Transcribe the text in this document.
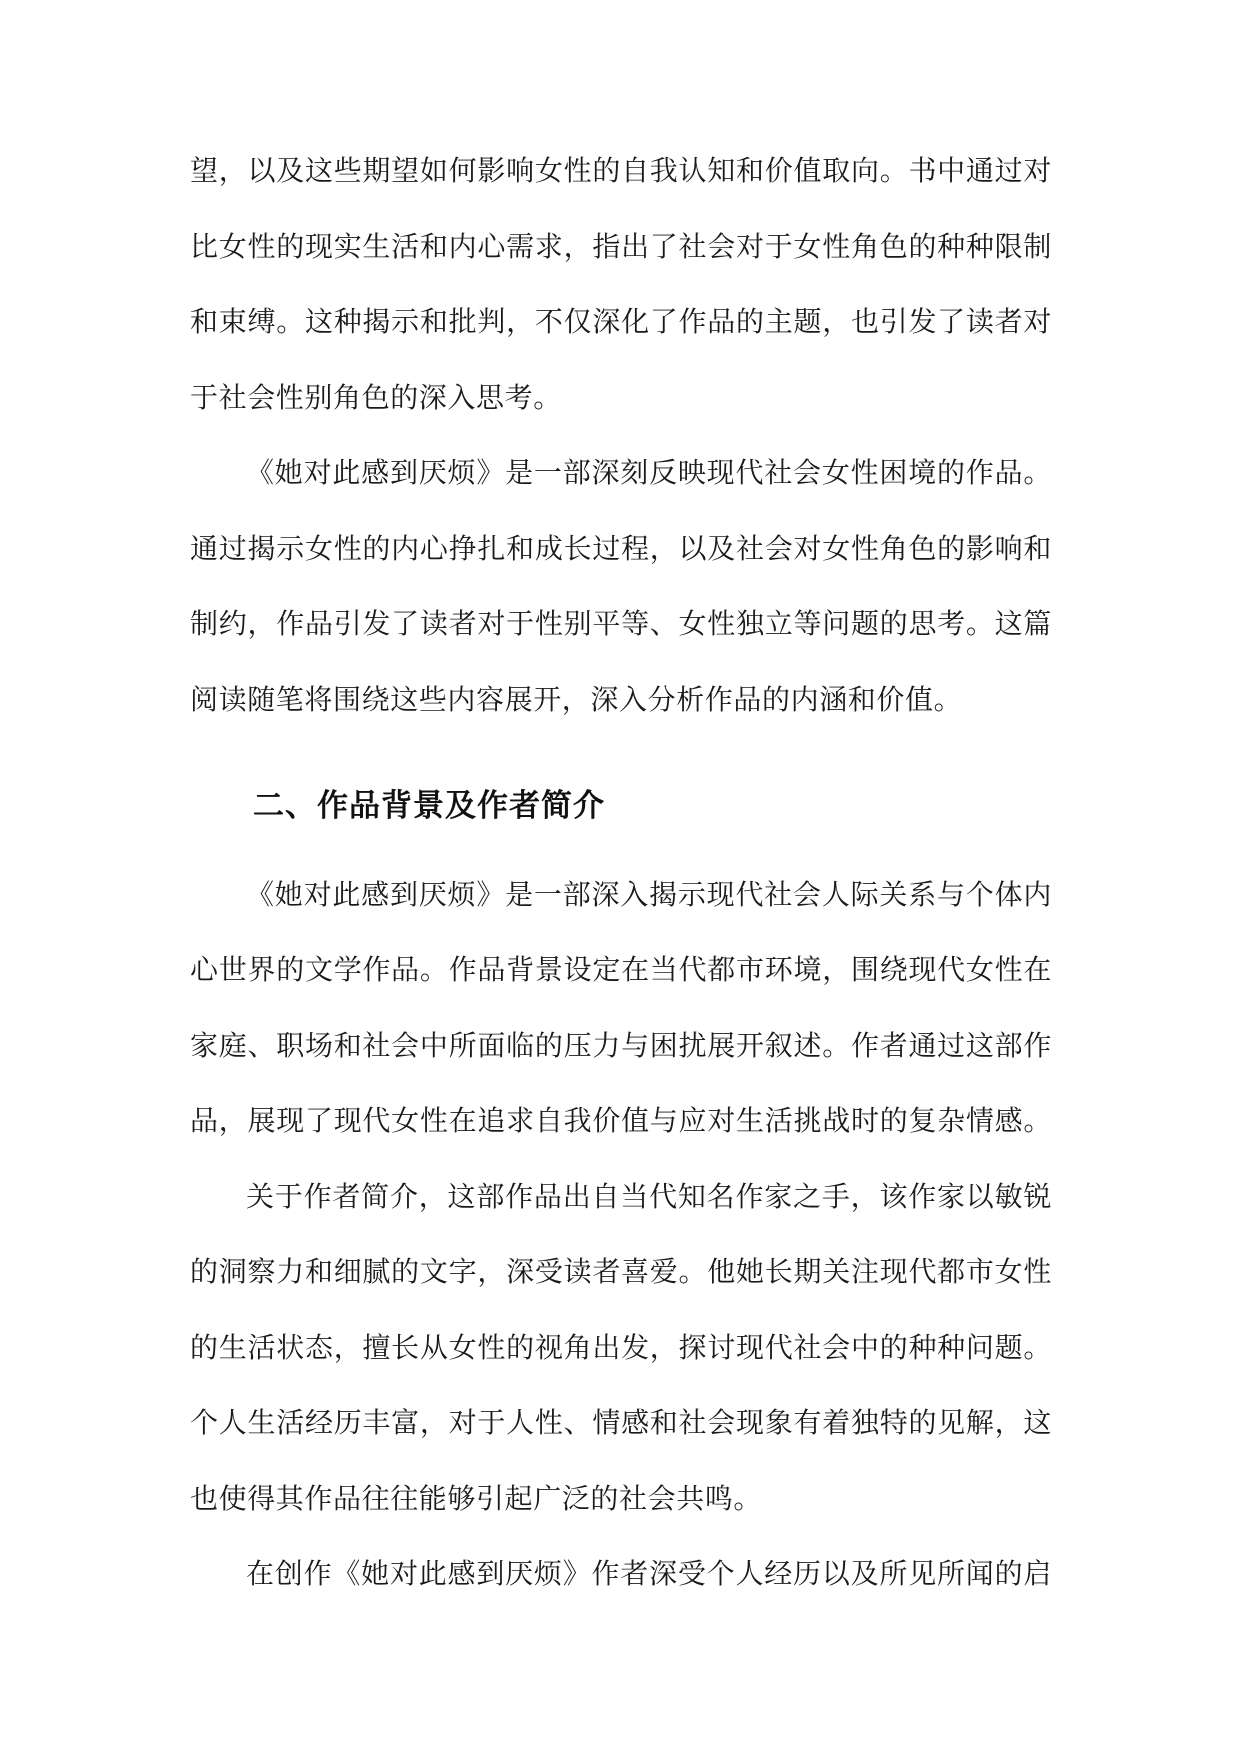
望，以及这些期望如何影响女性的自我认知和价值取向。书中通过对
比女性的现实生活和内心需求，指出了社会对于女性角色的种种限制
和束缚。这种揭示和批判，不仅深化了作品的主题，也引发了读者对
于社会性别角色的深入思考。
《她对此感到厌烦》是一部深刻反映现代社会女性困境的作品。
通过揭示女性的内心挣扎和成长过程，以及社会对女性角色的影响和
制约，作品引发了读者对于性别平等、女性独立等问题的思考。这篇
阅读随笔将围绕这些内容展开，深入分析作品的内涵和价值。
二、作品背景及作者简介
《她对此感到厌烦》是一部深入揭示现代社会人际关系与个体内
心世界的文学作品。作品背景设定在当代都市环境，围绕现代女性在
家庭、职场和社会中所面临的压力与困扰展开叙述。作者通过这部作
品，展现了现代女性在追求自我价值与应对生活挑战时的复杂情感。
关于作者简介，这部作品出自当代知名作家之手，该作家以敏锐
的洞察力和细腻的文字，深受读者喜爱。他她长期关注现代都市女性
的生活状态，擅长从女性的视角出发，探讨现代社会中的种种问题。
个人生活经历丰富，对于人性、情感和社会现象有着独特的见解，这
也使得其作品往往能够引起广泛的社会共鸣。
在创作《她对此感到厌烦》作者深受个人经历以及所见所闻的启
